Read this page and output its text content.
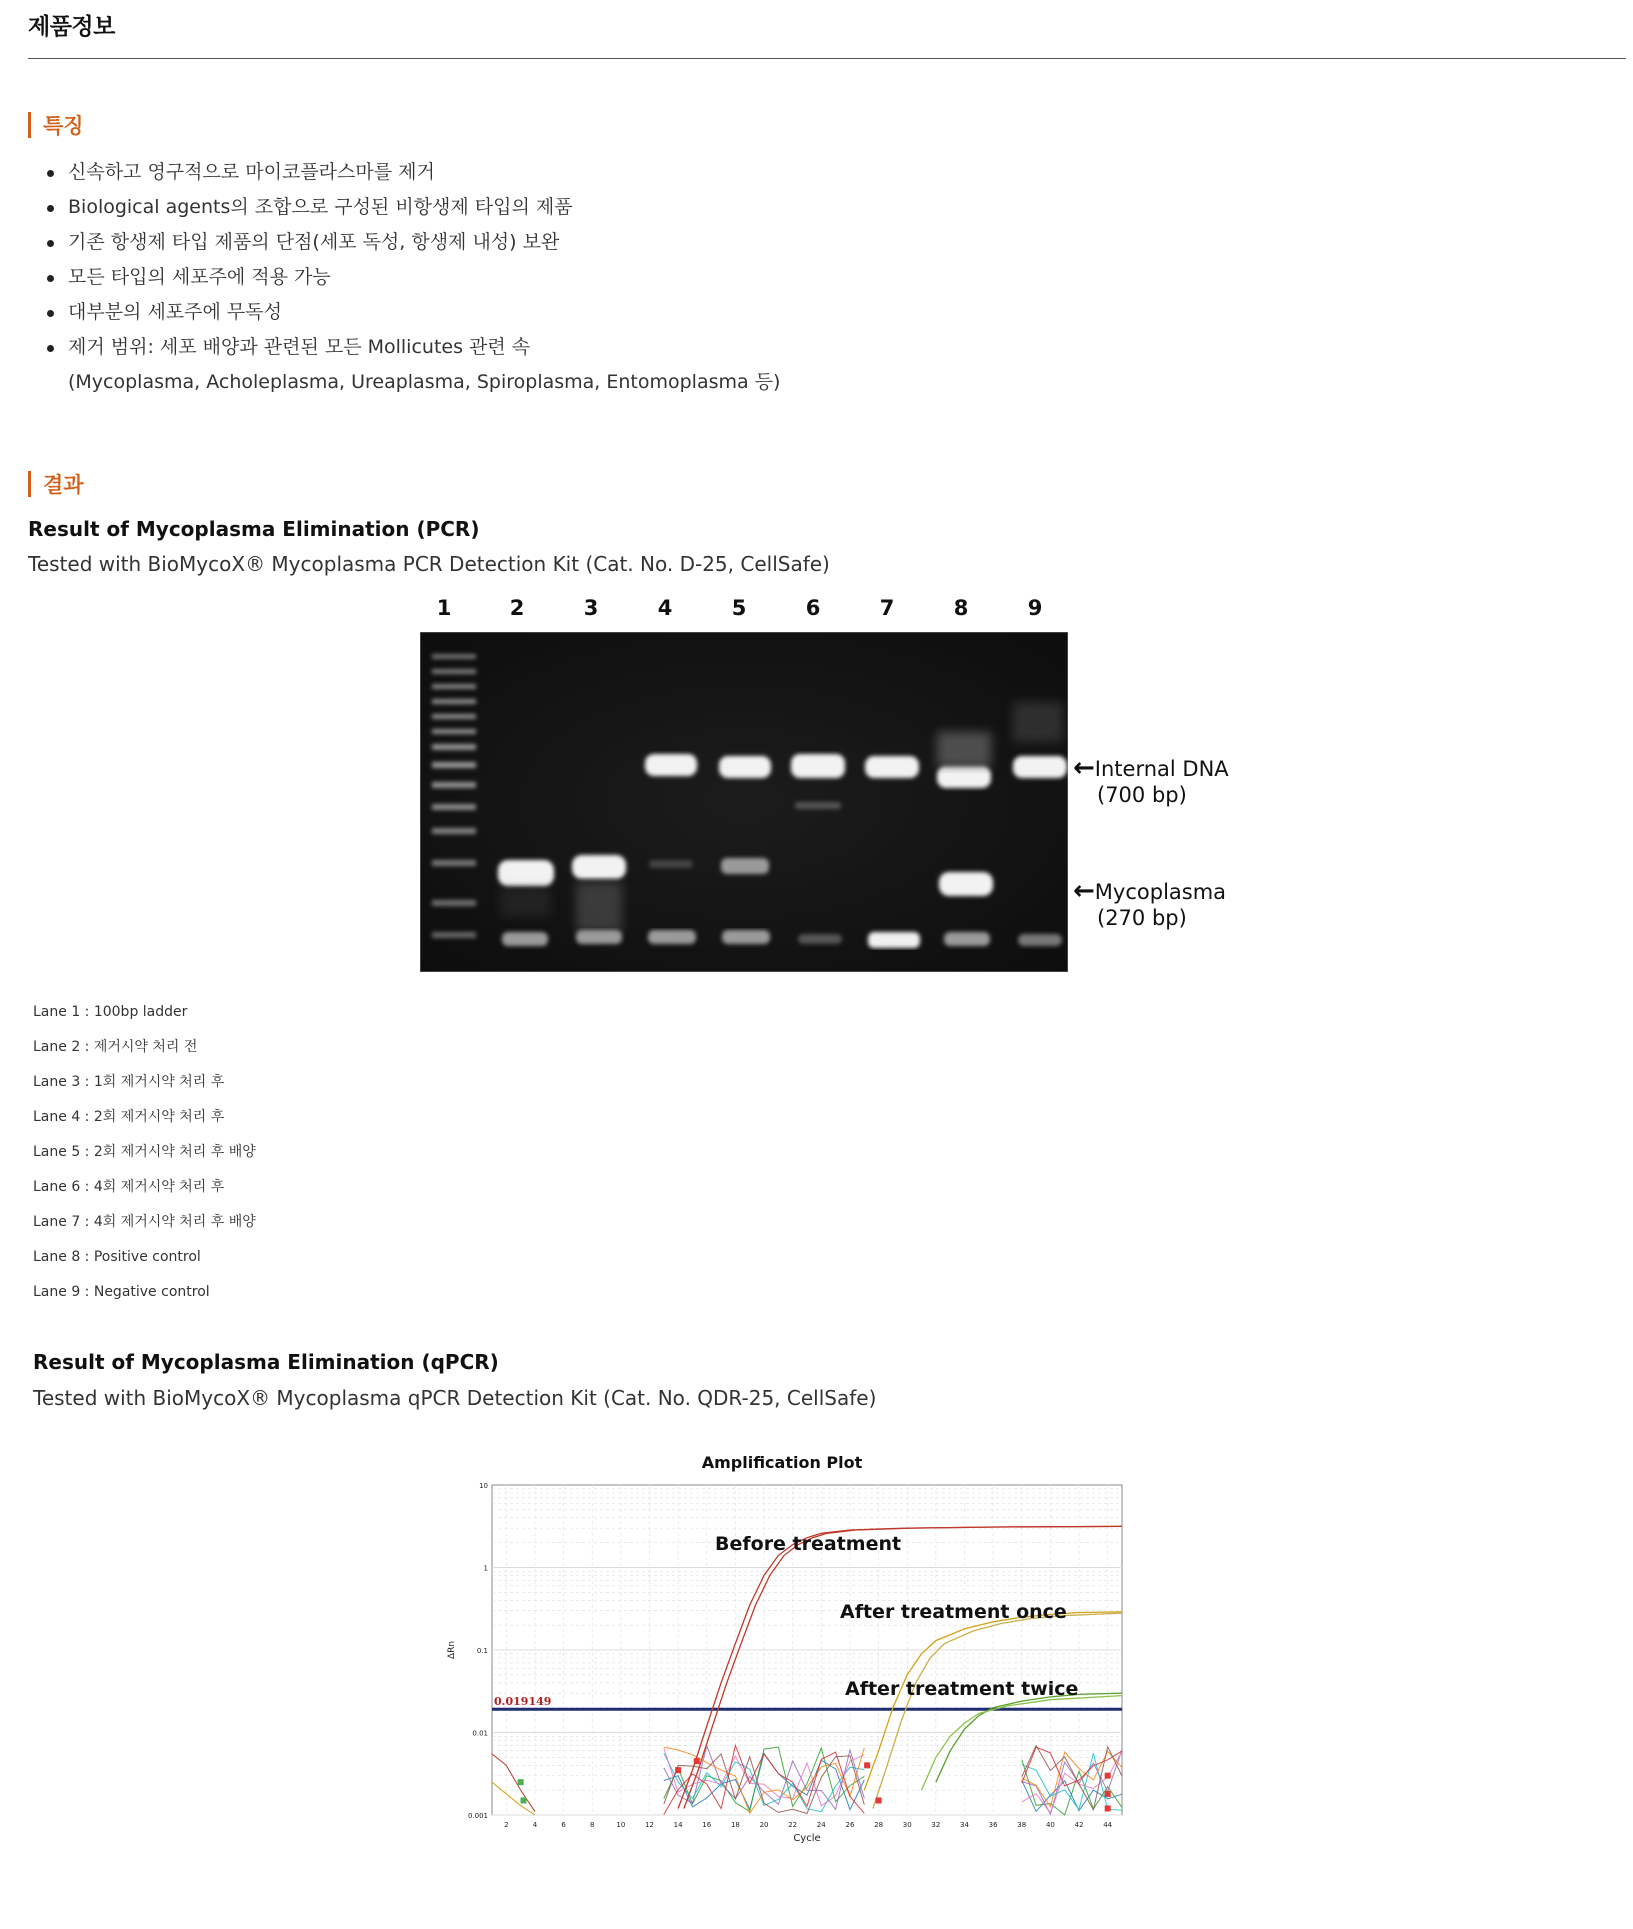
제품정보
특징
신속하고 영구적으로 마이코플라스마를 제거
Biological agents의 조합으로 구성된 비항생제 타입의 제품
기존 항생제 타입 제품의 단점(세포 독성, 항생제 내성) 보완
모든 타입의 세포주에 적용 가능
대부분의 세포주에 무독성
제거 범위: 세포 배양과 관련된 모든 Mollicutes 관련 속
(Mycoplasma, Acholeplasma, Ureaplasma, Spiroplasma, Entomoplasma 등)
결과
Result of Mycoplasma Elimination (PCR)
Tested with BioMycoX® Mycoplasma PCR Detection Kit (Cat. No. D-25, CellSafe)
1	2	3	4	5	6	7	8	9
←Internal DNA
(700 bp)
←Mycoplasma
(270 bp)
Lane 1 : 100bp ladder
Lane 2 : 제거시약 처리 전
Lane 3 : 1회 제거시약 처리 후
Lane 4 : 2회 제거시약 처리 후
Lane 5 : 2회 제거시약 처리 후 배양
Lane 6 : 4회 제거시약 처리 후
Lane 7 : 4회 제거시약 처리 후 배양
Lane 8 : Positive control
Lane 9 : Negative control
Result of Mycoplasma Elimination (qPCR)
Tested with BioMycoX® Mycoplasma qPCR Detection Kit (Cat. No. QDR-25, CellSafe)
2	4	6	8	10	12	14	16	18	20	22	24	26	28	30	32	34	36	38	40	42	44
10
1
0.1
0.01
0.001
Amplification Plot
Cycle
ΔRn
0.019149
Before treatment
After treatment once
After treatment twice
